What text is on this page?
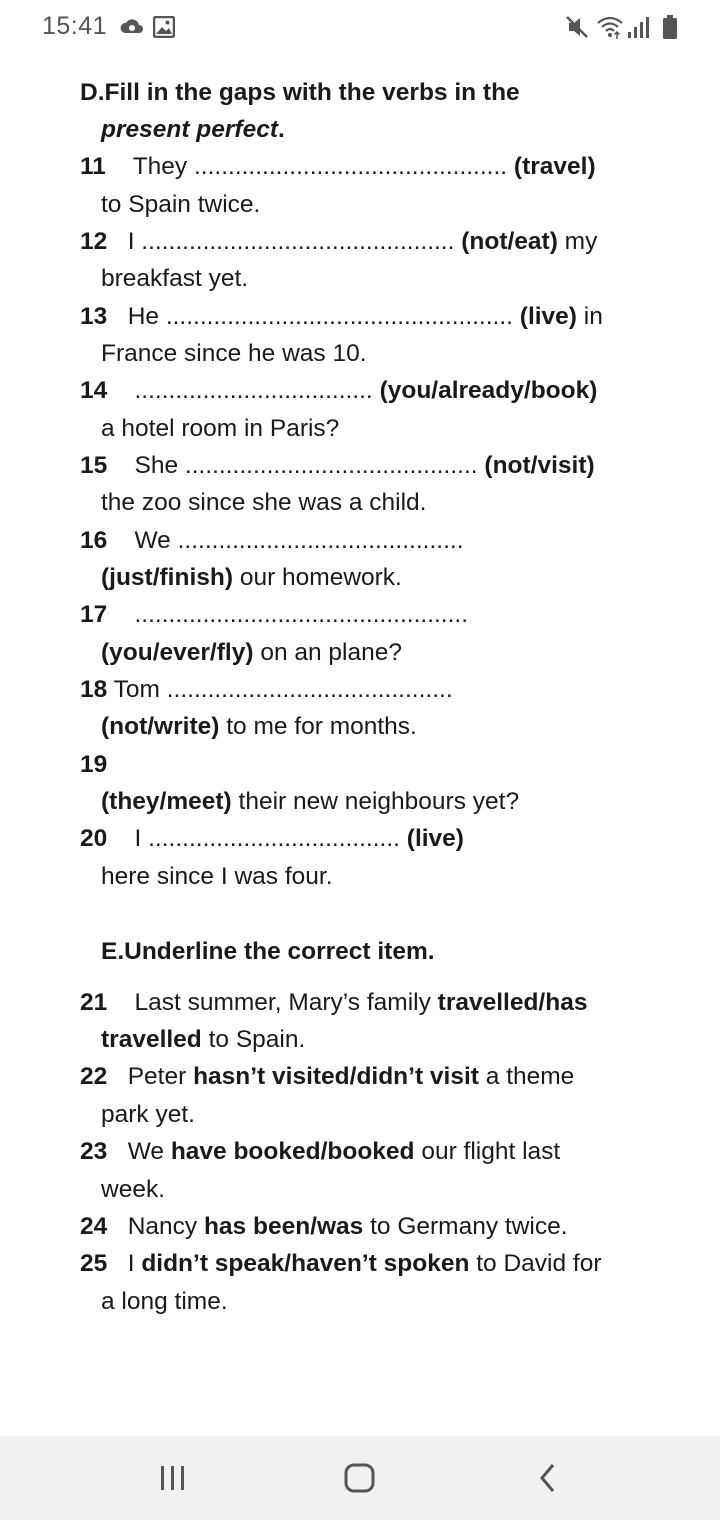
15:41
D.Fill in the gaps with the verbs in the
present perfect.
11 They .............................................. (travel)
to Spain twice.
12 I .............................................. (not/eat) my
breakfast yet.
13 He ................................................... (live) in
France since he was 10.
14 ................................... (you/already/book)
a hotel room in Paris?
15 She ........................................... (not/visit)
the zoo since she was a child.
16 We ..........................................
(just/finish) our homework.
17 .................................................
(you/ever/fly) on an plane?
18 Tom ..........................................
(not/write) to me for months.
19
(they/meet) their new neighbours yet?
20 I ..................................... (live)
here since I was four.
E.Underline the correct item.
21 Last summer, Mary’s family travelled/has
travelled to Spain.
22 Peter hasn’t visited/didn’t visit a theme
park yet.
23 We have booked/booked our flight last
week.
24 Nancy has been/was to Germany twice.
25 I didn’t speak/haven’t spoken to David for
a long time.
